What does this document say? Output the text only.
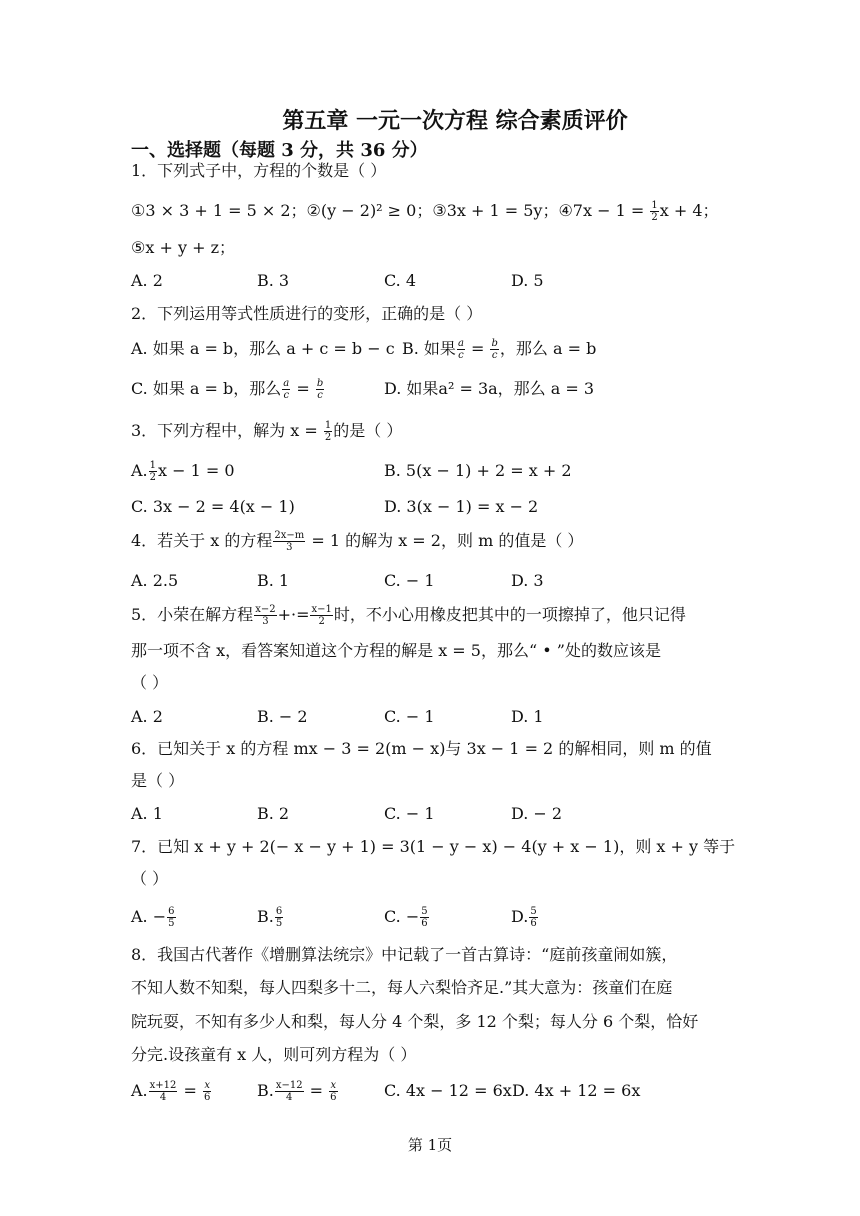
第五章 一元一次方程 综合素质评价
一、选择题（每题 3 分，共 36 分）
1．下列式子中，方程的个数是（ ）
①3 × 3 + 1 = 5 × 2；②(y − 2)² ≥ 0；③3x + 1 = 5y；④7x − $1 = \frac{1}{2}$ x + 4；
⑤x + y + z；
A. 2	B. 3	C. 4	D. 5
2．下列运用等式性质进行的变形，正确的是（ ）
A. 如果 a = b，那么 a + c = b − c B. 如果 $\frac{a}{c} = \frac{b}{c}$ ，那么 a = b
C. 如果 a = b，那么 $\frac{a}{c} = \frac{b}{c}$	D. 如果a² = 3a，那么 a = 3
3．下列方程中，解为 $x = \frac{1}{2}$ 的是（ ）
A. $\frac{1}{2}$ x − 1 = 0	B. 5(x − 1) + 2 = x + 2
C. 3x − 2 = 4(x − 1)	D. 3(x − 1) = x − 2
4．若关于 x 的方程 $\frac{2x-m}{3} = 1$ 的解为 x = 2，则 m 的值是（ ）
A. 2.5	B. 1	C. − 1	D. 3
5．小荣在解方程 $\frac{x-2}{3}$ +·= $\frac{x-1}{2}$ 时，不小心用橡皮把其中的一项擦掉了，他只记得
那一项不含 x，看答案知道这个方程的解是 x = 5，那么“ • ”处的数应该是
（ ）
A. 2	B. − 2	C. − 1	D. 1
6．已知关于 x 的方程 mx − 3 = 2(m − x)与 3x − 1 = 2 的解相同，则 m 的值
是（ ）
A. 1	B. 2	C. − 1	D. − 2
7．已知 x + y + 2(− x − y + 1) = 3(1 − y − x) − 4(y + x − 1)，则 x + y 等于
（ ）
A. − $\frac{6}{5}$	B. $\frac{6}{5}$	C. − $\frac{5}{6}$	D. $\frac{5}{6}$
8．我国古代著作《增删算法统宗》中记载了一首古算诗：“庭前孩童闹如簇，
不知人数不知梨，每人四梨多十二，每人六梨恰齐足.”其大意为：孩童们在庭
院玩耍，不知有多少人和梨，每人分 4 个梨，多 12 个梨；每人分 6 个梨，恰好
分完.设孩童有 x 人，则可列方程为（ ）
A. $\frac{x+12}{4} = \frac{x}{6}$	B. $\frac{x-12}{4} = \frac{x}{6}$	C. 4x − 12 = 6x D. 4x + 12 = 6x
第 1页
